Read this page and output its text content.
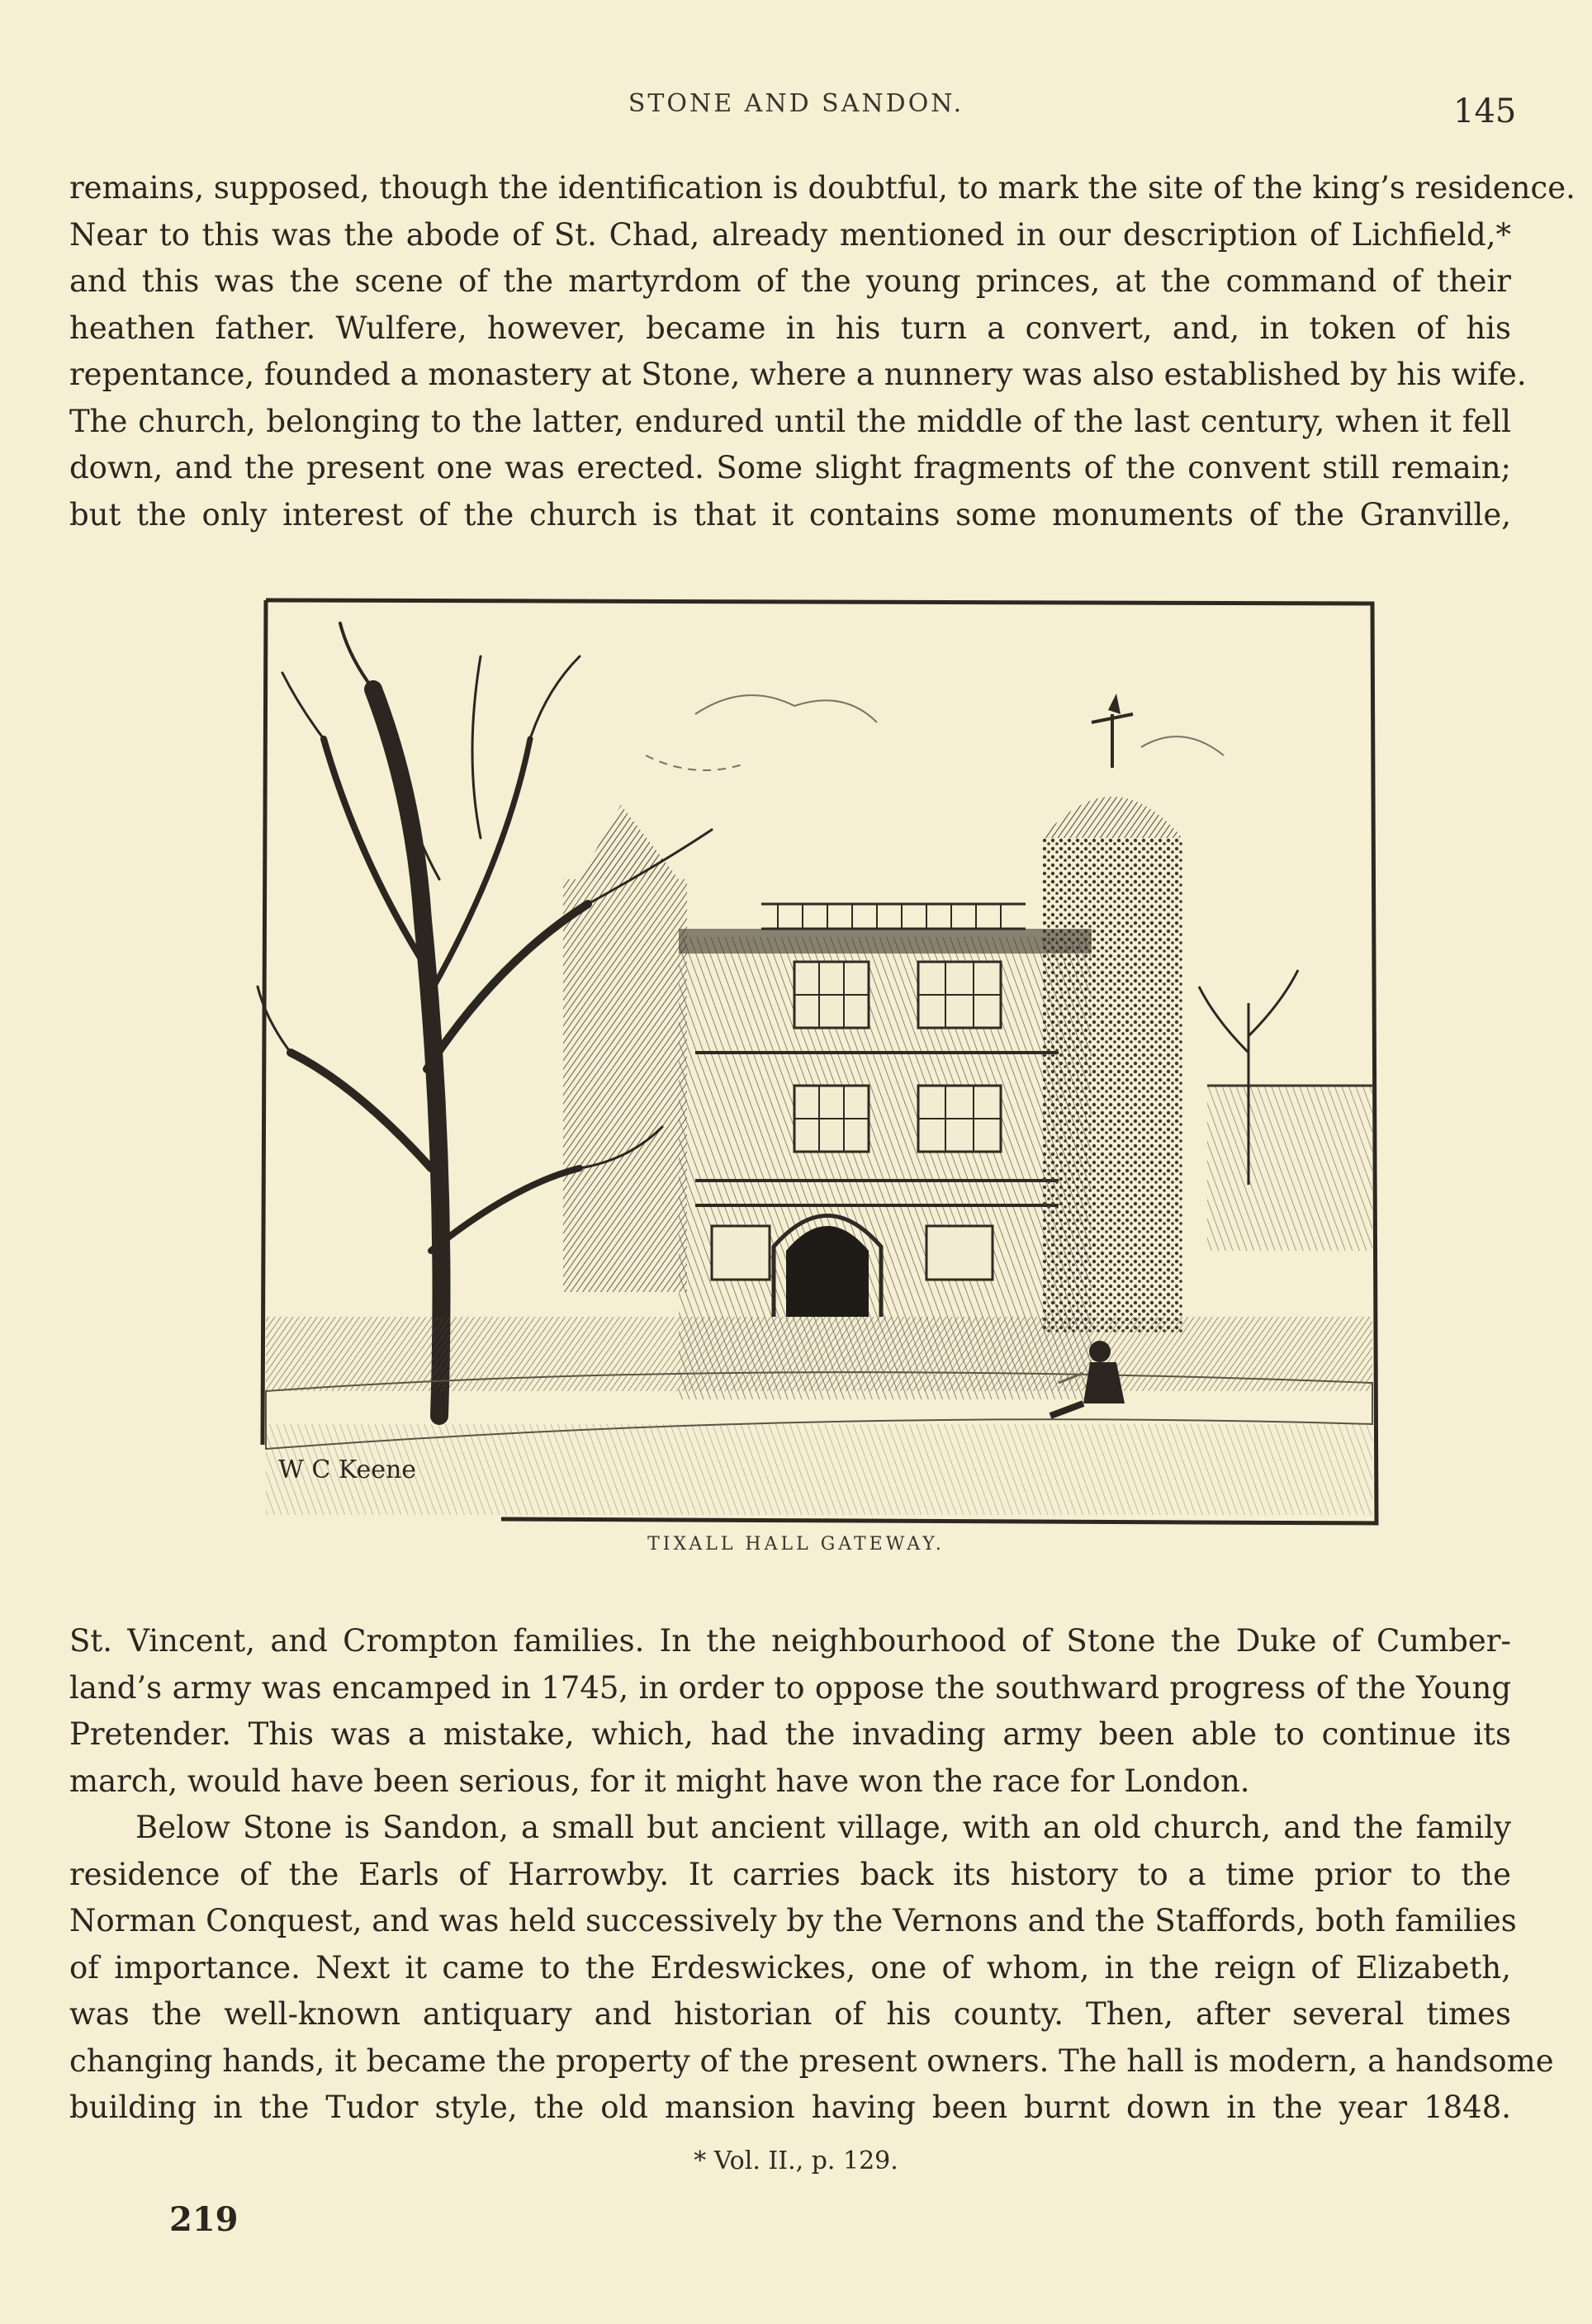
STONE AND SANDON.	145
remains, supposed, though the identification is doubtful, to mark the site of the king’s residence.
Near to this was the abode of St. Chad, already mentioned in our description of Lichfield,*
and this was the scene of the martyrdom of the young princes, at the command of their
heathen father. Wulfere, however, became in his turn a convert, and, in token of his
repentance, founded a monastery at Stone, where a nunnery was also established by his wife.
The church, belonging to the latter, endured until the middle of the last century, when it fell
down, and the present one was erected. Some slight fragments of the convent still remain;
but the only interest of the church is that it contains some monuments of the Granville,
W C Keene
TIXALL HALL GATEWAY.
St. Vincent, and Crompton families. In the neighbourhood of Stone the Duke of Cumber-
land’s army was encamped in 1745, in order to oppose the southward progress of the Young
Pretender. This was a mistake, which, had the invading army been able to continue its
march, would have been serious, for it might have won the race for London.
Below Stone is Sandon, a small but ancient village, with an old church, and the family
residence of the Earls of Harrowby. It carries back its history to a time prior to the
Norman Conquest, and was held successively by the Vernons and the Staffords, both families
of importance. Next it came to the Erdeswickes, one of whom, in the reign of Elizabeth,
was the well-known antiquary and historian of his county. Then, after several times
changing hands, it became the property of the present owners. The hall is modern, a handsome
building in the Tudor style, the old mansion having been burnt down in the year 1848.
* Vol. II., p. 129.
219
